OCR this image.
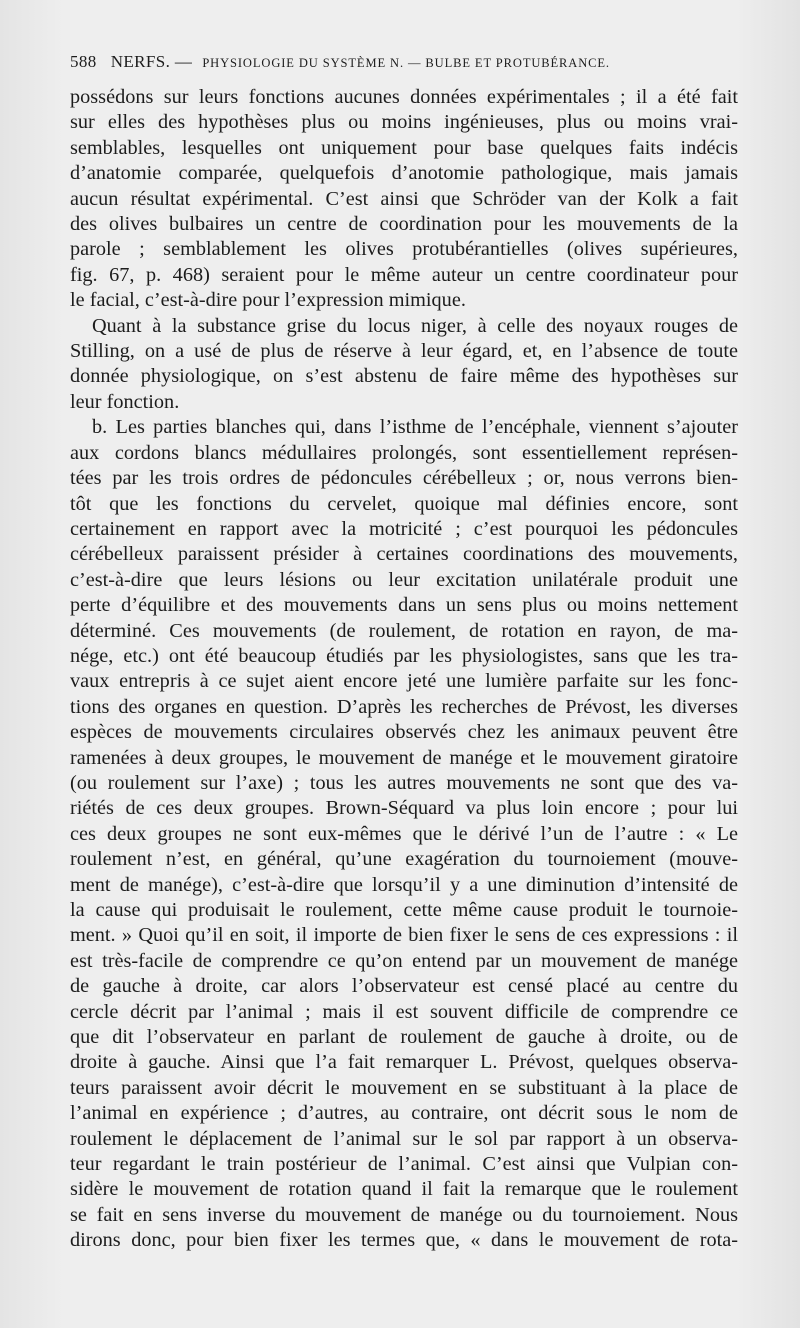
588 NERFS. — PHYSIOLOGIE DU SYSTÈME N. — BULBE ET PROTUBÉRANCE.
possédons sur leurs fonctions aucunes données expérimentales ; il a été fait
sur elles des hypothèses plus ou moins ingénieuses, plus ou moins vrai-
semblables, lesquelles ont uniquement pour base quelques faits indécis
d’anatomie comparée, quelquefois d’anotomie pathologique, mais jamais
aucun résultat expérimental. C’est ainsi que Schröder van der Kolk a fait
des olives bulbaires un centre de coordination pour les mouvements de la
parole ; semblablement les olives protubérantielles (olives supérieures,
fig. 67, p. 468) seraient pour le même auteur un centre coordinateur pour
le facial, c’est-à-dire pour l’expression mimique.
Quant à la substance grise du locus niger, à celle des noyaux rouges de
Stilling, on a usé de plus de réserve à leur égard, et, en l’absence de toute
donnée physiologique, on s’est abstenu de faire même des hypothèses sur
leur fonction.
b. Les parties blanches qui, dans l’isthme de l’encéphale, viennent s’ajouter
aux cordons blancs médullaires prolongés, sont essentiellement représen-
tées par les trois ordres de pédoncules cérébelleux ; or, nous verrons bien-
tôt que les fonctions du cervelet, quoique mal définies encore, sont
certainement en rapport avec la motricité ; c’est pourquoi les pédoncules
cérébelleux paraissent présider à certaines coordinations des mouvements,
c’est-à-dire que leurs lésions ou leur excitation unilatérale produit une
perte d’équilibre et des mouvements dans un sens plus ou moins nettement
déterminé. Ces mouvements (de roulement, de rotation en rayon, de ma-
nége, etc.) ont été beaucoup étudiés par les physiologistes, sans que les tra-
vaux entrepris à ce sujet aient encore jeté une lumière parfaite sur les fonc-
tions des organes en question. D’après les recherches de Prévost, les diverses
espèces de mouvements circulaires observés chez les animaux peuvent être
ramenées à deux groupes, le mouvement de manége et le mouvement giratoire
(ou roulement sur l’axe) ; tous les autres mouvements ne sont que des va-
riétés de ces deux groupes. Brown-Séquard va plus loin encore ; pour lui
ces deux groupes ne sont eux-mêmes que le dérivé l’un de l’autre : « Le
roulement n’est, en général, qu’une exagération du tournoiement (mouve-
ment de manége), c’est-à-dire que lorsqu’il y a une diminution d’intensité de
la cause qui produisait le roulement, cette même cause produit le tournoie-
ment. » Quoi qu’il en soit, il importe de bien fixer le sens de ces expressions : il
est très-facile de comprendre ce qu’on entend par un mouvement de manége
de gauche à droite, car alors l’observateur est censé placé au centre du
cercle décrit par l’animal ; mais il est souvent difficile de comprendre ce
que dit l’observateur en parlant de roulement de gauche à droite, ou de
droite à gauche. Ainsi que l’a fait remarquer L. Prévost, quelques observa-
teurs paraissent avoir décrit le mouvement en se substituant à la place de
l’animal en expérience ; d’autres, au contraire, ont décrit sous le nom de
roulement le déplacement de l’animal sur le sol par rapport à un observa-
teur regardant le train postérieur de l’animal. C’est ainsi que Vulpian con-
sidère le mouvement de rotation quand il fait la remarque que le roulement
se fait en sens inverse du mouvement de manége ou du tournoiement. Nous
dirons donc, pour bien fixer les termes que, « dans le mouvement de rota-
